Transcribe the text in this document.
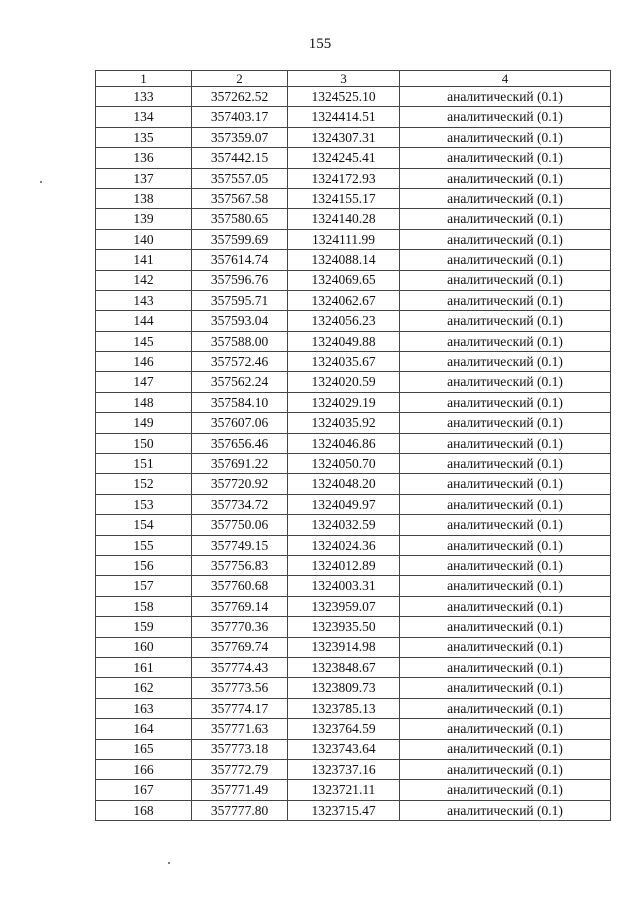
155
1	2	3	4
133	357262.52	1324525.10	аналитический (0.1)
134	357403.17	1324414.51	аналитический (0.1)
135	357359.07	1324307.31	аналитический (0.1)
136	357442.15	1324245.41	аналитический (0.1)
137	357557.05	1324172.93	аналитический (0.1)
138	357567.58	1324155.17	аналитический (0.1)
139	357580.65	1324140.28	аналитический (0.1)
140	357599.69	1324111.99	аналитический (0.1)
141	357614.74	1324088.14	аналитический (0.1)
142	357596.76	1324069.65	аналитический (0.1)
143	357595.71	1324062.67	аналитический (0.1)
144	357593.04	1324056.23	аналитический (0.1)
145	357588.00	1324049.88	аналитический (0.1)
146	357572.46	1324035.67	аналитический (0.1)
147	357562.24	1324020.59	аналитический (0.1)
148	357584.10	1324029.19	аналитический (0.1)
149	357607.06	1324035.92	аналитический (0.1)
150	357656.46	1324046.86	аналитический (0.1)
151	357691.22	1324050.70	аналитический (0.1)
152	357720.92	1324048.20	аналитический (0.1)
153	357734.72	1324049.97	аналитический (0.1)
154	357750.06	1324032.59	аналитический (0.1)
155	357749.15	1324024.36	аналитический (0.1)
156	357756.83	1324012.89	аналитический (0.1)
157	357760.68	1324003.31	аналитический (0.1)
158	357769.14	1323959.07	аналитический (0.1)
159	357770.36	1323935.50	аналитический (0.1)
160	357769.74	1323914.98	аналитический (0.1)
161	357774.43	1323848.67	аналитический (0.1)
162	357773.56	1323809.73	аналитический (0.1)
163	357774.17	1323785.13	аналитический (0.1)
164	357771.63	1323764.59	аналитический (0.1)
165	357773.18	1323743.64	аналитический (0.1)
166	357772.79	1323737.16	аналитический (0.1)
167	357771.49	1323721.11	аналитический (0.1)
168	357777.80	1323715.47	аналитический (0.1)
